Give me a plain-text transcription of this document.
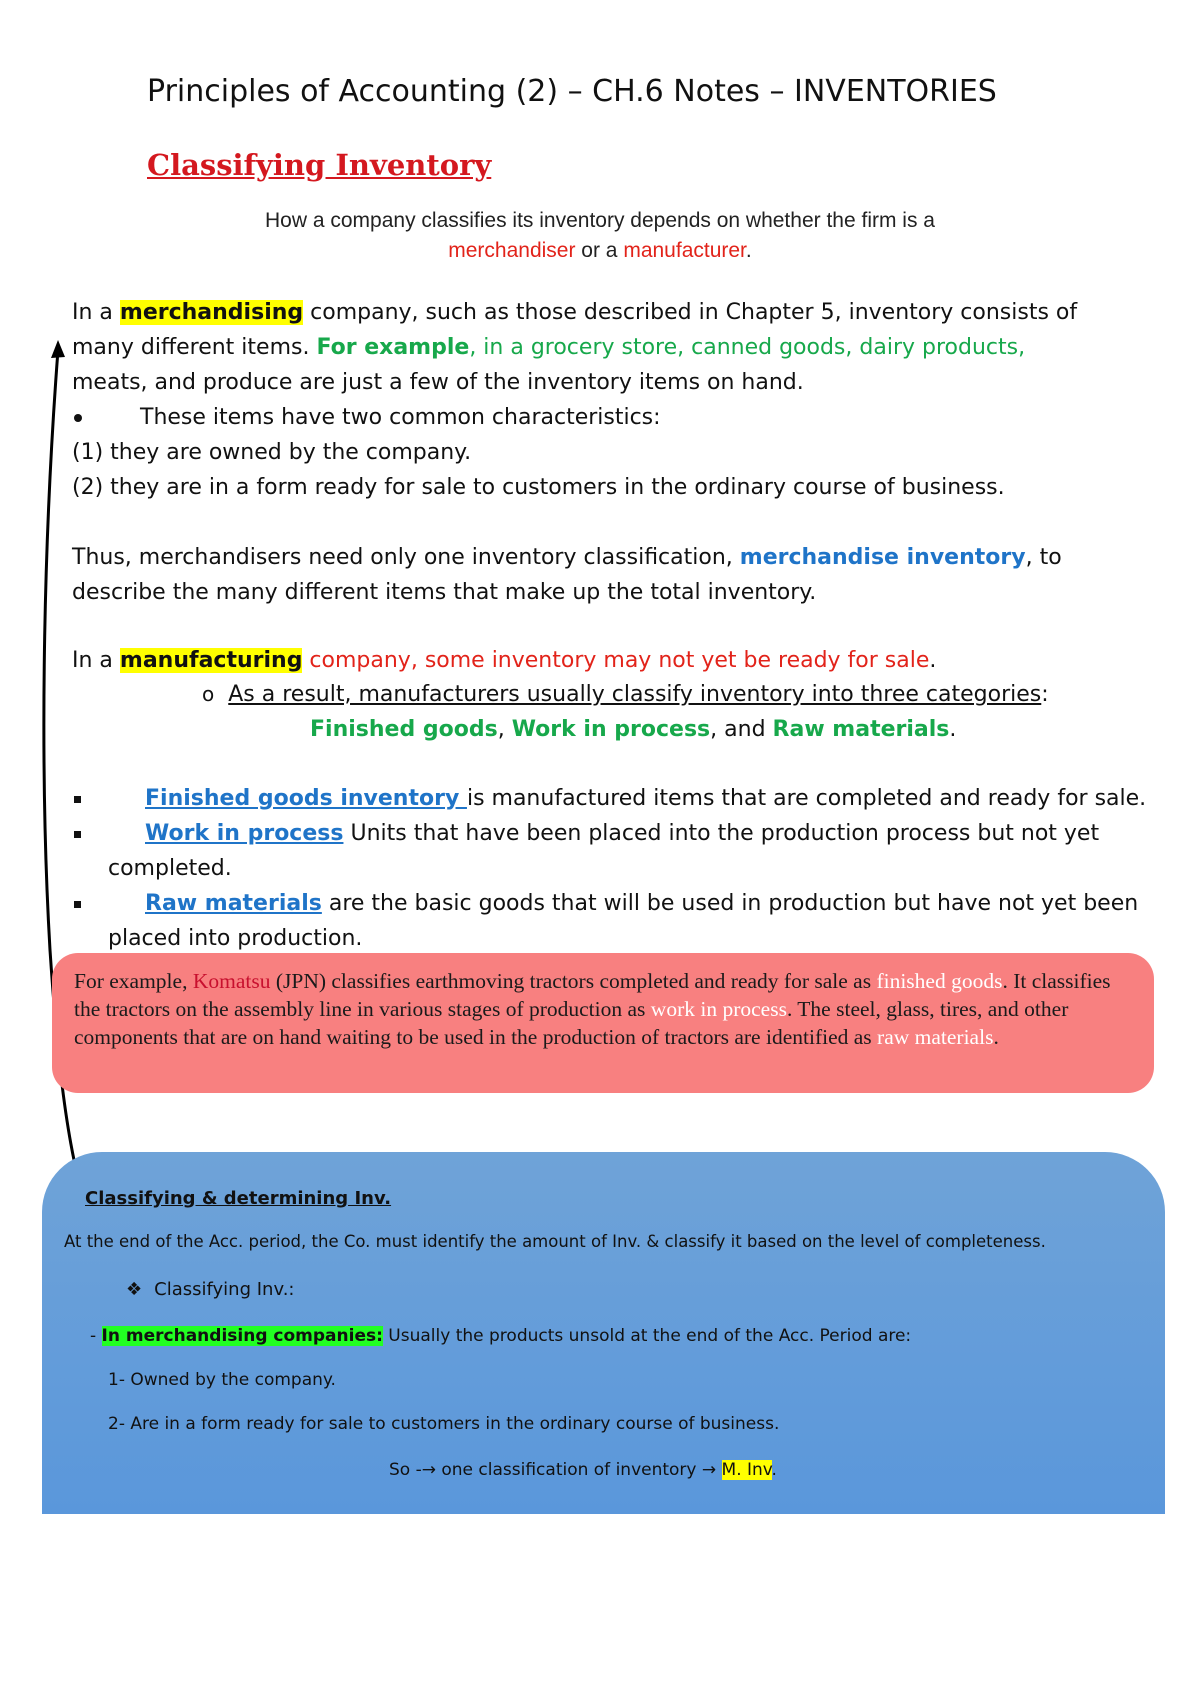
Principles of Accounting (2) – CH.6 Notes – INVENTORIES
Classifying Inventory
How a company classifies its inventory depends on whether the firm is a
merchandiser or a manufacturer.
In a merchandising company, such as those described in Chapter 5, inventory consists of
many different items. For example, in a grocery store, canned goods, dairy products,
meats, and produce are just a few of the inventory items on hand.
These items have two common characteristics:
(1) they are owned by the company.
(2) they are in a form ready for sale to customers in the ordinary course of business.
Thus, merchandisers need only one inventory classification, merchandise inventory, to
describe the many different items that make up the total inventory.
In a manufacturing company, some inventory may not yet be ready for sale.
o As a result, manufacturers usually classify inventory into three categories:
Finished goods, Work in process, and Raw materials.
Finished goods inventory is manufactured items that are completed and ready for sale.
Work in process Units that have been placed into the production process but not yet
completed.
Raw materials are the basic goods that will be used in production but have not yet been
placed into production.
For example, Komatsu (JPN) classifies earthmoving tractors completed and ready for sale as finished goods. It classifies the tractors on the assembly line in various stages of production as work in process. The steel, glass, tires, and other components that are on hand waiting to be used in the production of tractors are identified as raw materials.
Classifying & determining Inv.
At the end of the Acc. period, the Co. must identify the amount of Inv. & classify it based on the level of completeness.
❖ Classifying Inv.:
- In merchandising companies: Usually the products unsold at the end of the Acc. Period are:
1- Owned by the company.
2- Are in a form ready for sale to customers in the ordinary course of business.
So -→ one classification of inventory → M. Inv.
